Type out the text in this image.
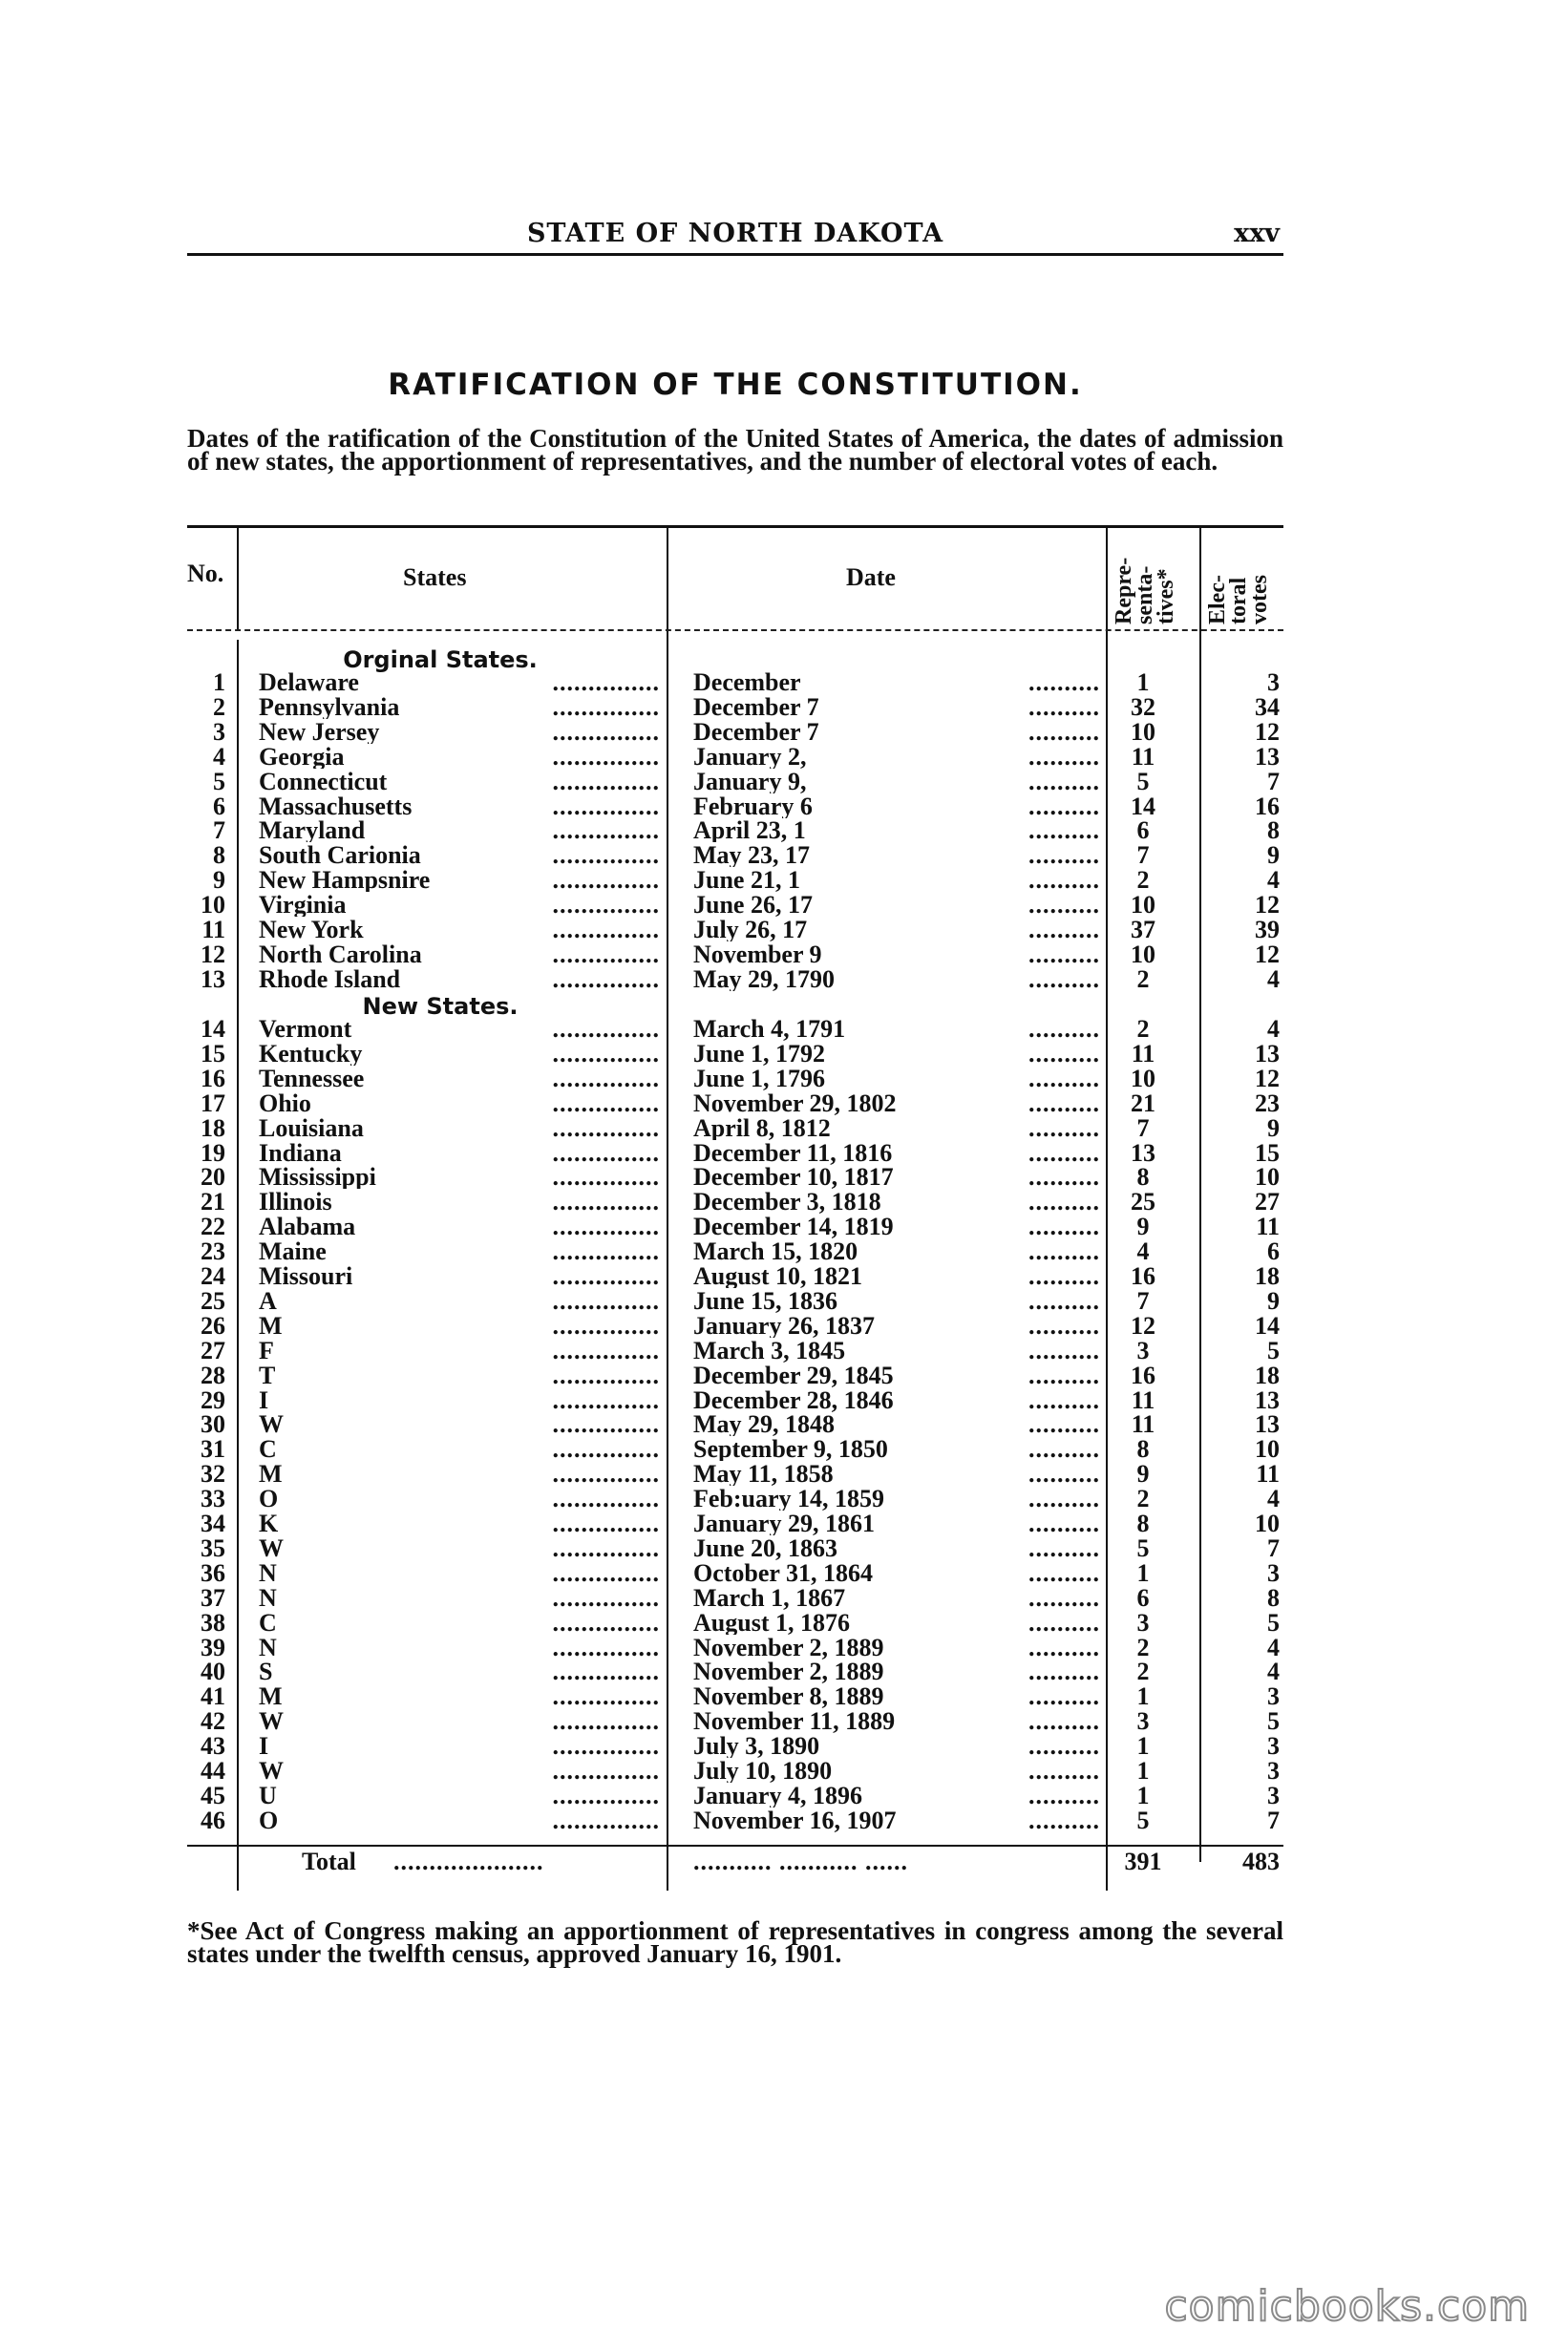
STATE OF NORTH DAKOTA	xxv
RATIFICATION OF THE CONSTITUTION.
Dates of the ratification of the Constitution of the United States of America, the dates of admission of new states, the apportionment of representatives, and the number of electoral votes of each.
No.	States	Date	Repre-senta-tives* Elec-toral votes
Orginal States.
New States.
1 Delaware	............... December	..........	1	3
2 Pennsylvania	............... December 7	..........	32	34
3 New Jersey	............... December 7	..........	10	12
4 Georgia	............... January 2,	..........	11	13
5 Connecticut	............... January 9,	..........	5	7
6 Massachusetts	............... February 6	..........	14	16
7 Maryland	............... April 23, 1	..........	6	8
8 South Carionia	............... May 23, 17	..........	7	9
9 New Hampsnire	............... June 21, 1	..........	2	4
10 Virginia	............... June 26, 17	..........	10	12
11 New York	............... July 26, 17	..........	37	39
12 North Carolina	............... November 9	..........	10	12
13 Rhode Island	............... May 29, 1790	..........	2	4
14 Vermont	............... March 4, 1791	..........	2	4
15 Kentucky	............... June 1, 1792	..........	11	13
16 Tennessee	............... June 1, 1796	..........	10	12
17 Ohio	............... November 29, 1802	..........	21	23
18 Louisiana	............... April 8, 1812	..........	7	9
19 Indiana	............... December 11, 1816	..........	13	15
20 Mississippi	............... December 10, 1817	..........	8	10
21 Illinois	............... December 3, 1818	..........	25	27
22 Alabama	............... December 14, 1819	..........	9	11
23 Maine	............... March 15, 1820	..........	4	6
24 Missouri	............... August 10, 1821	..........	16	18
25 A	............... June 15, 1836	..........	7	9
26 M	............... January 26, 1837	..........	12	14
27 F	............... March 3, 1845	..........	3	5
28 T	............... December 29, 1845	..........	16	18
29 I	............... December 28, 1846	..........	11	13
30 W	............... May 29, 1848	..........	11	13
31 C	............... September 9, 1850	..........	8	10
32 M	............... May 11, 1858	..........	9	11
33 O	............... Feb:uary 14, 1859	..........	2	4
34 K	............... January 29, 1861	..........	8	10
35 W	............... June 20, 1863	..........	5	7
36 N	............... October 31, 1864	..........	1	3
37 N	............... March 1, 1867	..........	6	8
38 C	............... August 1, 1876	..........	3	5
39 N	............... November 2, 1889	..........	2	4
40 S	............... November 2, 1889	..........	2	4
41 M	............... November 8, 1889	..........	1	3
42 W	............... November 11, 1889	..........	3	5
43 I	............... July 3, 1890	..........	1	3
44 W	............... July 10, 1890	..........	1	3
45 U	............... January 4, 1896	..........	1	3
46 O	............... November 16, 1907	..........	5	7
Total .....................	........... ........... ......	391	483
*See Act of Congress making an apportionment of representatives in congress among the several states under the twelfth census, approved January 16, 1901.
comicbooks.com
